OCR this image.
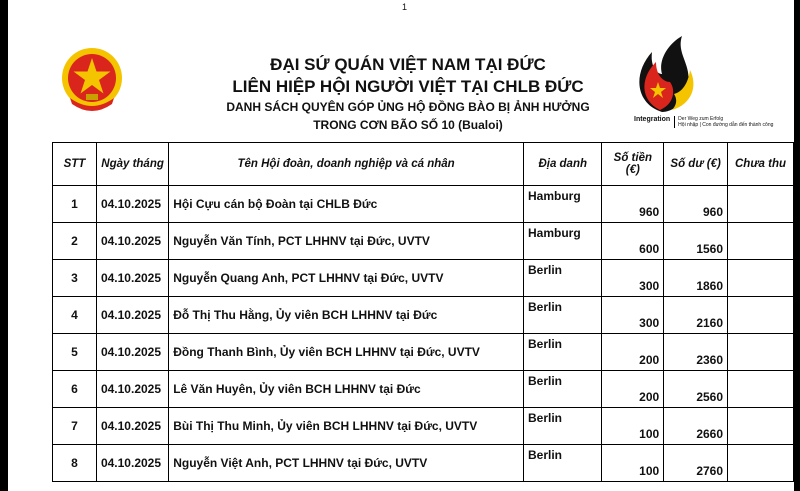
1
ĐẠI SỨ QUÁN VIỆT NAM TẠI ĐỨC
LIÊN HIỆP HỘI NGƯỜI VIỆT TẠI CHLB ĐỨC
DANH SÁCH QUYÊN GÓP ỦNG HỘ ĐỒNG BÀO BỊ ẢNH HƯỞNG
TRONG CƠN BÃO SỐ 10 (Bualoi)	Integration Der Weg zum Erfolg
Hội nhập | Con đường dẫn đến thành công
STT	Ngày tháng	Tên Hội đoàn, doanh nghiệp và cá nhân	Địa danh	Số tiền (€)	Số dư (€)	Chưa thu
1	04.10.2025	Hội Cựu cán bộ Đoàn tại CHLB Đức	Hamburg	960	960	
2	04.10.2025	Nguyễn Văn Tính, PCT LHHNV tại Đức, UVTV	Hamburg	600	1560	
3	04.10.2025	Nguyễn Quang Anh, PCT LHHNV tại Đức, UVTV	Berlin	300	1860	
4	04.10.2025	Đỗ Thị Thu Hằng, Ủy viên BCH LHHNV tại Đức	Berlin	300	2160	
5	04.10.2025	Đồng Thanh Bình, Ủy viên BCH LHHNV tại Đức, UVTV	Berlin	200	2360	
6	04.10.2025	Lê Văn Huyên, Ủy viên BCH LHHNV tại Đức	Berlin	200	2560	
7	04.10.2025	Bùi Thị Thu Minh, Ủy viên BCH LHHNV tại Đức, UVTV	Berlin	100	2660	
8	04.10.2025	Nguyễn Việt Anh, PCT LHHNV tại Đức, UVTV	Berlin	100	2760	
